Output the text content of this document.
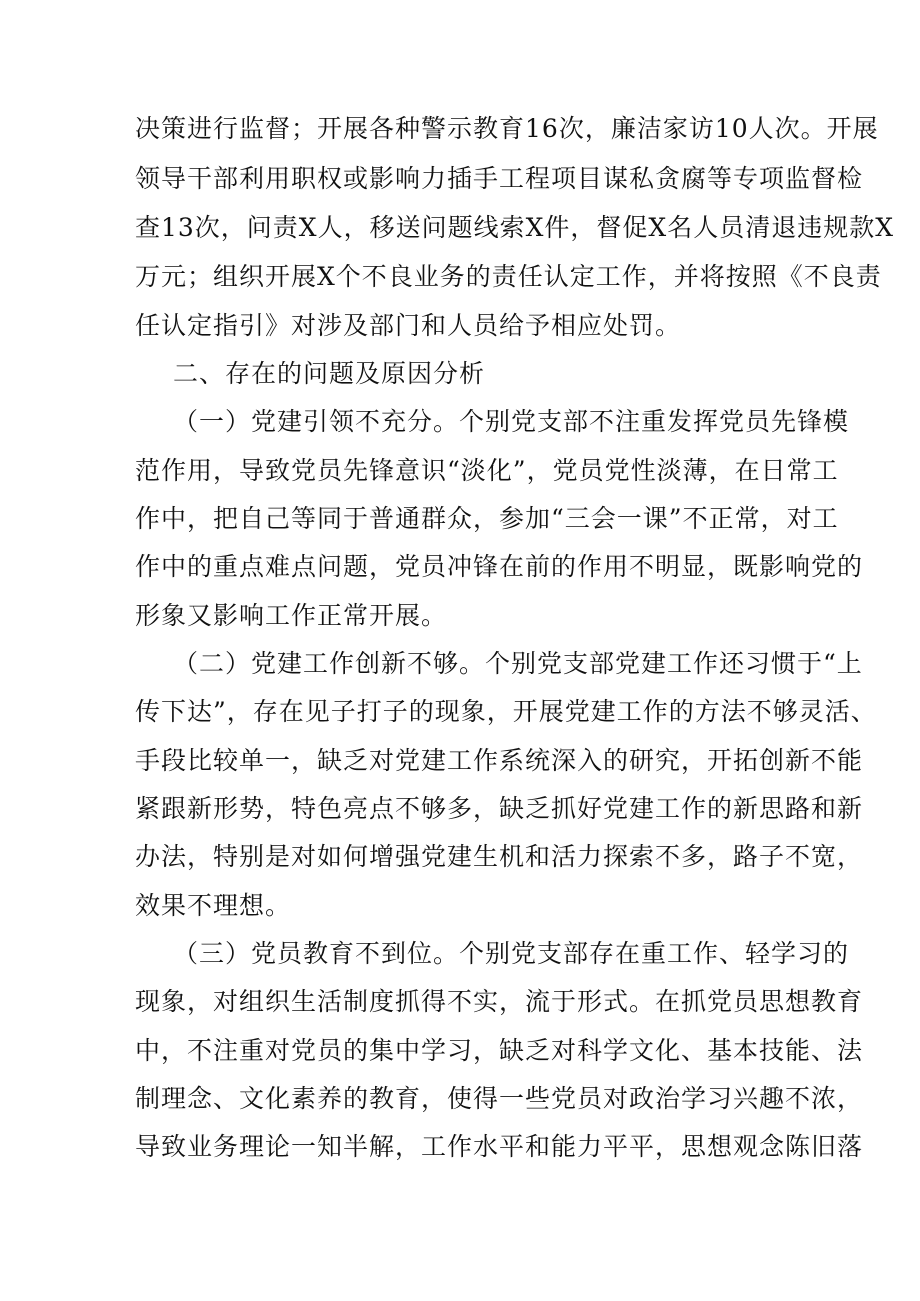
决策进行监督；开展各种警示教育16次，廉洁家访10人次。开展
领导干部利用职权或影响力插手工程项目谋私贪腐等专项监督检
查13次，问责X人，移送问题线索X件，督促X名人员清退违规款X
万元；组织开展X个不良业务的责任认定工作，并将按照《不良责
任认定指引》对涉及部门和人员给予相应处罚。
二、存在的问题及原因分析
（一）党建引领不充分。个别党支部不注重发挥党员先锋模
范作用，导致党员先锋意识“淡化”，党员党性淡薄，在日常工
作中，把自己等同于普通群众，参加“三会一课”不正常，对工
作中的重点难点问题，党员冲锋在前的作用不明显，既影响党的
形象又影响工作正常开展。
（二）党建工作创新不够。个别党支部党建工作还习惯于“上
传下达”，存在见子打子的现象，开展党建工作的方法不够灵活、
手段比较单一，缺乏对党建工作系统深入的研究，开拓创新不能
紧跟新形势，特色亮点不够多，缺乏抓好党建工作的新思路和新
办法，特别是对如何增强党建生机和活力探索不多，路子不宽，
效果不理想。
（三）党员教育不到位。个别党支部存在重工作、轻学习的
现象，对组织生活制度抓得不实，流于形式。在抓党员思想教育
中，不注重对党员的集中学习，缺乏对科学文化、基本技能、法
制理念、文化素养的教育，使得一些党员对政治学习兴趣不浓，
导致业务理论一知半解，工作水平和能力平平，思想观念陈旧落
